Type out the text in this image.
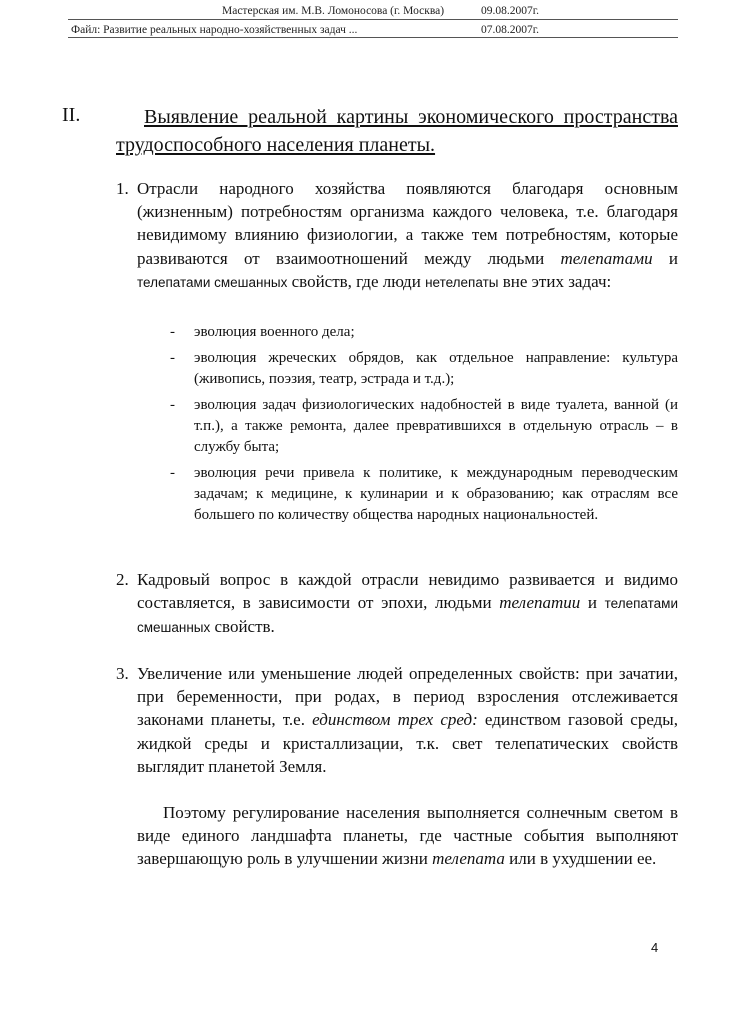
Мастерская им. М.В. Ломоносова (г. Москва)	09.08.2007г.
Файл: Развитие реальных народно-хозяйственных задач ...	07.08.2007г.
II.	Выявление реальной картины экономического пространства трудоспособного населения планеты.
1. Отрасли народного хозяйства появляются благодаря основным (жизненным) потребностям организма каждого человека, т.е. благодаря невидимому влиянию физиологии, а также тем потребностям, которые развиваются от взаимоотношений между людьми телепатами и телепатами смешанных свойств, где люди нетелепаты вне этих задач:
- эволюция военного дела;
- эволюция жреческих обрядов, как отдельное направление: культура (живопись, поэзия, театр, эстрада и т.д.);
- эволюция задач физиологических надобностей в виде туалета, ванной (и т.п.), а также ремонта, далее превратившихся в отдельную отрасль – в службу быта;
- эволюция речи привела к политике, к международным переводческим задачам; к медицине, к кулинарии и к образованию; как отраслям все большего по количеству общества народных национальностей.
2. Кадровый вопрос в каждой отрасли невидимо развивается и видимо составляется, в зависимости от эпохи, людьми телепатии и телепатами смешанных свойств.
3. Увеличение или уменьшение людей определенных свойств: при зачатии, при беременности, при родах, в период взросления отслеживается законами планеты, т.е. единством трех сред: единством газовой среды, жидкой среды и кристаллизации, т.к. свет телепатических свойств выглядит планетой Земля.
Поэтому регулирование населения выполняется солнечным светом в виде единого ландшафта планеты, где частные события выполняют завершающую роль в улучшении жизни телепата или в ухудшении ее.
4
